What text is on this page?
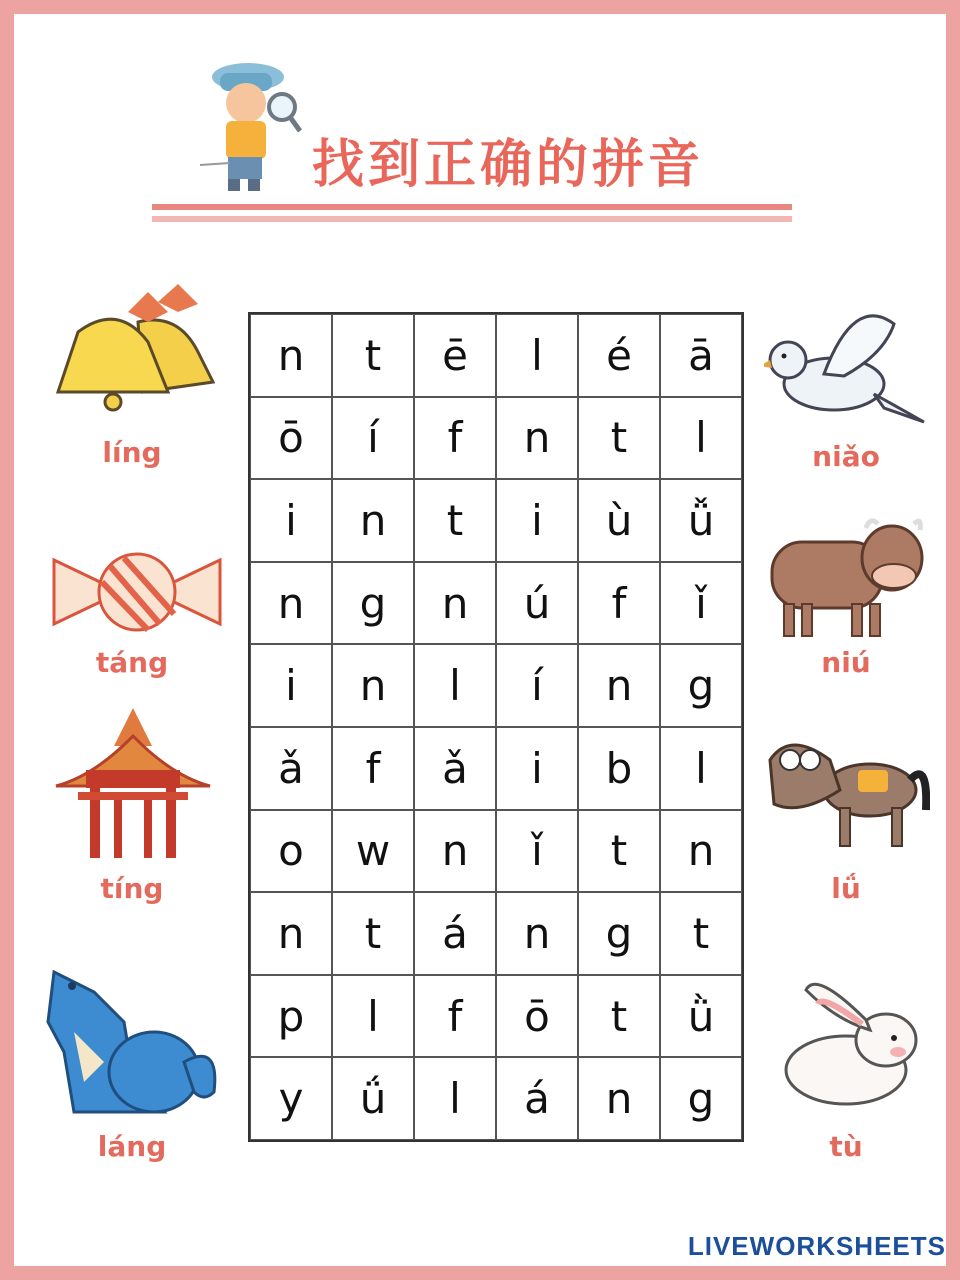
找到正确的拼音
n	t	ē	l	é	ā
ō	í	f	n	t	l
i	n	t	i	ù	ǚ
n	g	n	ú	f	ǐ
i	n	l	í	n	g
ǎ	f	ǎ	i	b	l
o	w	n	ǐ	t	n
n	t	á	n	g	t
p	l	f	ō	t	ǜ
y	ǘ	l	á	n	g
líng
táng
tíng
láng
niǎo
niú
lǘ
tù
LIVEWORKSHEETS
